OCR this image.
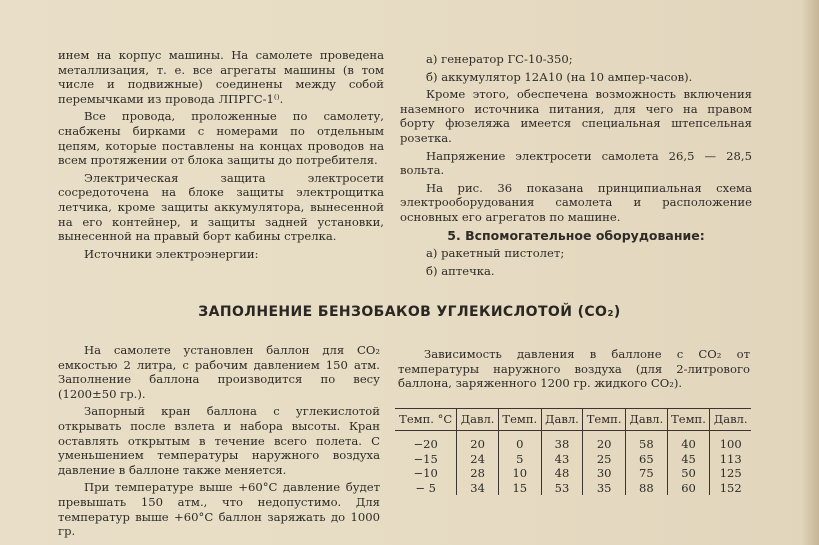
инем на корпус машины. На самолете проведена металлизация, т. е. все агрегаты машины (в том числе и подвижные) соединены между собой перемычками из провода ЛПРГС-1⁽⁾.

Все провода, проложенные по самолету, снабжены бирками с номерами по отдельным цепям, которые поставлены на концах проводов на всем протяжении от блока защиты до потребителя.

Электрическая защита электросети сосредоточена на блоке защиты электрощитка летчика, кроме защиты аккумулятора, вынесенной на его контейнер, и защиты задней установки, вынесенной на правый борт кабины стрелка.

Источники электроэнергии:

а) генератор ГС-10-350;

б) аккумулятор 12А10 (на 10 ампер-часов).

Кроме этого, обеспечена возможность включения наземного источника питания, для чего на правом борту фюзеляжа имеется специальная штепсельная розетка.

Напряжение электросети самолета 26,5 — 28,5 вольта.

На рис. 36 показана принципиальная схема электрооборудования самолета и расположение основных его агрегатов по машине.

5. Вспомогательное оборудование:

а) ракетный пистолет;

б) аптечка.

ЗАПОЛНЕНИЕ БЕНЗОБАКОВ УГЛЕКИСЛОТОЙ (CO₂)

На самолете установлен баллон для CO₂ емкостью 2 литра, с рабочим давлением 150 атм. Заполнение баллона производится по весу (1200±50 гр.).

Запорный кран баллона с углекислотой открывать после взлета и набора высоты. Кран оставлять открытым в течение всего полета. С уменьшением температуры наружного воздуха давление в баллоне также меняется.

При температуре выше +60°С давление будет превышать 150 атм., что недопустимо. Для температур выше +60°С баллон заряжать до 1000 гр.

Зависимость давления в баллоне с CO₂ от температуры наружного воздуха (для 2-литрового баллона, заряженного 1200 гр. жидкого CO₂).

Темп. °С	Давл.	Темп.	Давл.	Темп.	Давл.	Темп.	Давл.
−20	20	0	38	20	58	40	100
−15	24	5	43	25	65	45	113
−10	28	10	48	30	75	50	125
− 5	34	15	53	35	88	60	152
